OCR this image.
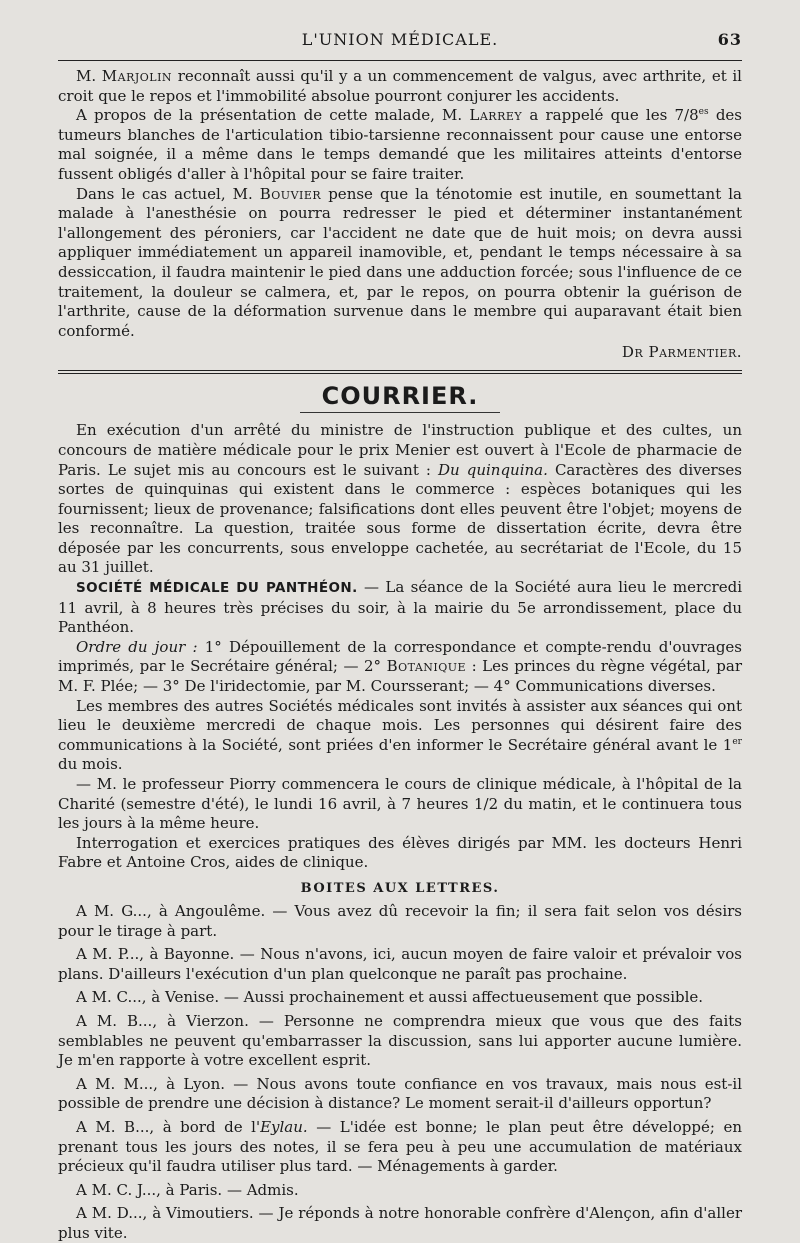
L'UNION MÉDICALE.	63

M. Marjolin reconnaît aussi qu'il y a un commencement de valgus, avec arthrite, et il croit que le repos et l'immobilité absolue pourront conjurer les accidents.

A propos de la présentation de cette malade, M. Larrey a rappelé que les $7/8^{es}$ des tumeurs blanches de l'articulation tibio-tarsienne reconnaissent pour cause une entorse mal soignée, il a même dans le temps demandé que les militaires atteints d'entorse fussent obligés d'aller à l'hôpital pour se faire traiter.

Dans le cas actuel, M. Bouvier pense que la ténotomie est inutile, en soumettant la malade à l'anesthésie on pourra redresser le pied et déterminer instantanément l'allongement des péroniers, car l'accident ne date que de huit mois; on devra aussi appliquer immédiatement un appareil inamovible, et, pendant le temps nécessaire à sa dessiccation, il faudra maintenir le pied dans une adduction forcée; sous l'influence de ce traitement, la douleur se calmera, et, par le repos, on pourra obtenir la guérison de l'arthrite, cause de la déformation survenue dans le membre qui auparavant était bien conformé.

Dr Parmentier.
COURRIER.

En exécution d'un arrêté du ministre de l'instruction publique et des cultes, un concours de matière médicale pour le prix Menier est ouvert à l'Ecole de pharmacie de Paris. Le sujet mis au concours est le suivant : Du quinquina. Caractères des diverses sortes de quinquinas qui existent dans le commerce : espèces botaniques qui les fournissent; lieux de provenance; falsifications dont elles peuvent être l'objet; moyens de les reconnaître. La question, traitée sous forme de dissertation écrite, devra être déposée par les concurrents, sous enveloppe cachetée, au secrétariat de l'Ecole, du 15 au 31 juillet.

SOCIÉTÉ MÉDICALE DU PANTHÉON. — La séance de la Société aura lieu le mercredi 11 avril, à 8 heures très précises du soir, à la mairie du 5e arrondissement, place du Panthéon.

Ordre du jour : 1° Dépouillement de la correspondance et compte-rendu d'ouvrages imprimés, par le Secrétaire général; — 2° Botanique : Les princes du règne végétal, par M. F. Plée; — 3° De l'iridectomie, par M. Coursserant; — 4° Communications diverses.

Les membres des autres Sociétés médicales sont invités à assister aux séances qui ont lieu le deuxième mercredi de chaque mois. Les personnes qui désirent faire des communications à la Société, sont priées d'en informer le Secrétaire général avant le 1er du mois.

— M. le professeur Piorry commencera le cours de clinique médicale, à l'hôpital de la Charité (semestre d'été), le lundi 16 avril, à 7 heures 1/2 du matin, et le continuera tous les jours à la même heure.

Interrogation et exercices pratiques des élèves dirigés par MM. les docteurs Henri Fabre et Antoine Cros, aides de clinique.

BOITES AUX LETTRES.

A M. G..., à Angoulême. — Vous avez dû recevoir la fin; il sera fait selon vos désirs pour le tirage à part.

A M. P..., à Bayonne. — Nous n'avons, ici, aucun moyen de faire valoir et prévaloir vos plans. D'ailleurs l'exécution d'un plan quelconque ne paraît pas prochaine.

A M. C..., à Venise. — Aussi prochainement et aussi affectueusement que possible.

A M. B..., à Vierzon. — Personne ne comprendra mieux que vous que des faits semblables ne peuvent qu'embarrasser la discussion, sans lui apporter aucune lumière. Je m'en rapporte à votre excellent esprit.

A M. M..., à Lyon. — Nous avons toute confiance en vos travaux, mais nous est-il possible de prendre une décision à distance? Le moment serait-il d'ailleurs opportun?

A M. B..., à bord de l'Eylau. — L'idée est bonne; le plan peut être développé; en prenant tous les jours des notes, il se fera peu à peu une accumulation de matériaux précieux qu'il faudra utiliser plus tard. — Ménagements à garder.

A M. C. J..., à Paris. — Admis.

A M. D..., à Vimoutiers. — Je réponds à notre honorable confrère d'Alençon, afin d'aller plus vite.
